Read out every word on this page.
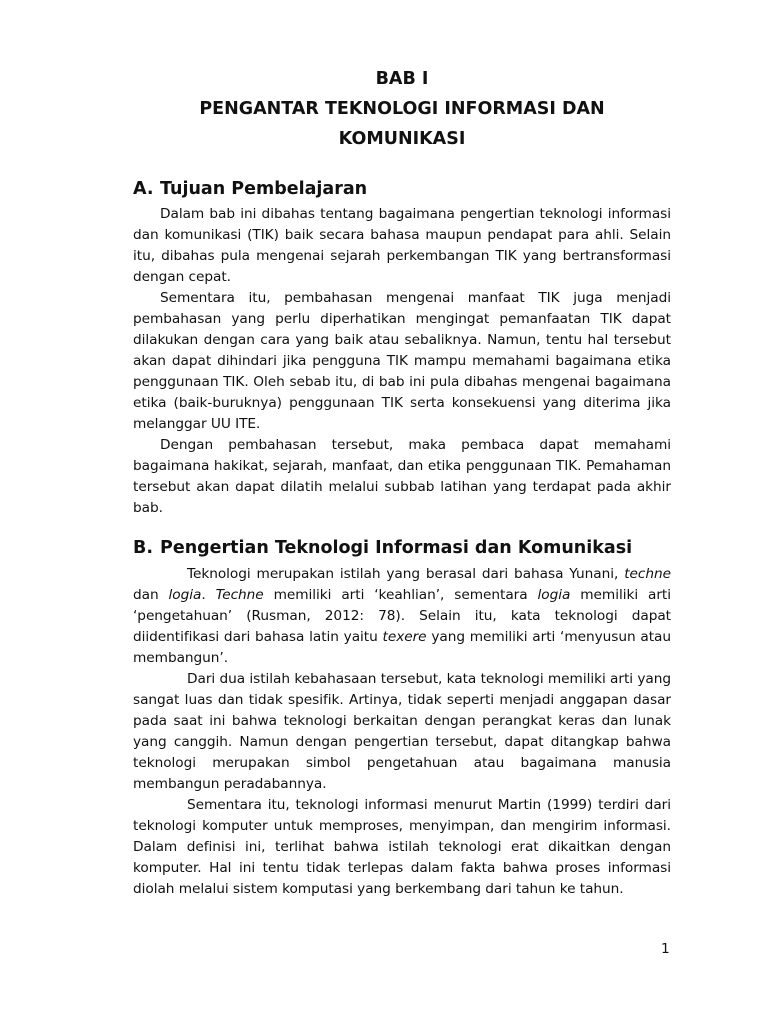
BAB I

PENGANTAR TEKNOLOGI INFORMASI DAN

KOMUNIKASI

A. Tujuan Pembelajaran

Dalam bab ini dibahas tentang bagaimana pengertian teknologi informasi dan komunikasi (TIK) baik secara bahasa maupun pendapat para ahli. Selain itu, dibahas pula mengenai sejarah perkembangan TIK yang bertransformasi dengan cepat.

Sementara itu, pembahasan mengenai manfaat TIK juga menjadi pembahasan yang perlu diperhatikan mengingat pemanfaatan TIK dapat dilakukan dengan cara yang baik atau sebaliknya. Namun, tentu hal tersebut akan dapat dihindari jika pengguna TIK mampu memahami bagaimana etika penggunaan TIK. Oleh sebab itu, di bab ini pula dibahas mengenai bagaimana etika (baik-buruknya) penggunaan TIK serta konsekuensi yang diterima jika melanggar UU ITE.

Dengan pembahasan tersebut, maka pembaca dapat memahami bagaimana hakikat, sejarah, manfaat, dan etika penggunaan TIK. Pemahaman tersebut akan dapat dilatih melalui subbab latihan yang terdapat pada akhir bab.

B. Pengertian Teknologi Informasi dan Komunikasi

Teknologi merupakan istilah yang berasal dari bahasa Yunani, techne dan logia. Techne memiliki arti ‘keahlian’, sementara logia memiliki arti ‘pengetahuan’ (Rusman, 2012: 78). Selain itu, kata teknologi dapat diidentifikasi dari bahasa latin yaitu texere yang memiliki arti ‘menyusun atau membangun’.

Dari dua istilah kebahasaan tersebut, kata teknologi memiliki arti yang sangat luas dan tidak spesifik. Artinya, tidak seperti menjadi anggapan dasar pada saat ini bahwa teknologi berkaitan dengan perangkat keras dan lunak yang canggih. Namun dengan pengertian tersebut, dapat ditangkap bahwa teknologi merupakan simbol pengetahuan atau bagaimana manusia membangun peradabannya.

Sementara itu, teknologi informasi menurut Martin (1999) terdiri dari teknologi komputer untuk memproses, menyimpan, dan mengirim informasi. Dalam definisi ini, terlihat bahwa istilah teknologi erat dikaitkan dengan komputer. Hal ini tentu tidak terlepas dalam fakta bahwa proses informasi diolah melalui sistem komputasi yang berkembang dari tahun ke tahun.

1
